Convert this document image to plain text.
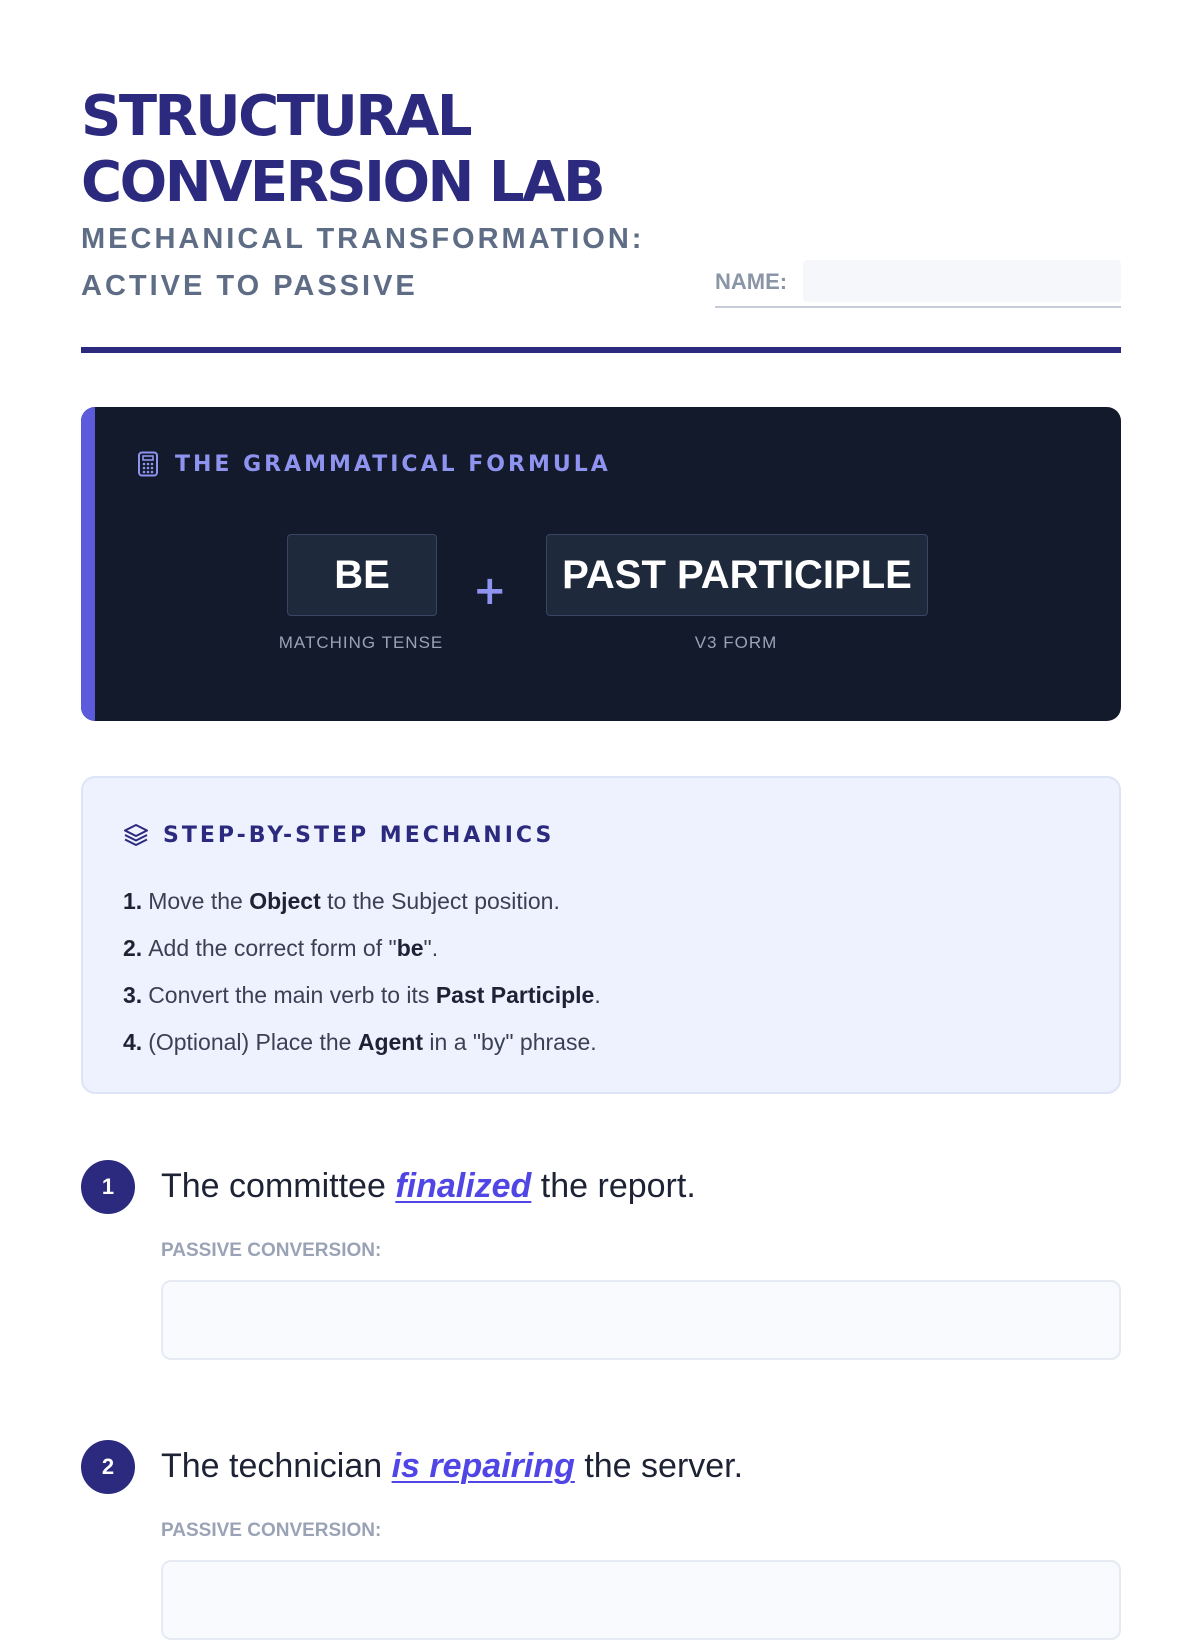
STRUCTURAL
CONVERSION LAB
MECHANICAL TRANSFORMATION:
ACTIVE TO PASSIVE	NAME:
THE GRAMMATICAL FORMULA
BE	+	PAST PARTICIPLE
MATCHING TENSE	V3 FORM
STEP-BY-STEP MECHANICS
1. Move the Object to the Subject position.
2. Add the correct form of "be".
3. Convert the main verb to its Past Participle.
4. (Optional) Place the Agent in a "by" phrase.
1	The committee finalized the report.
PASSIVE CONVERSION:
2	The technician is repairing the server.
PASSIVE CONVERSION:
